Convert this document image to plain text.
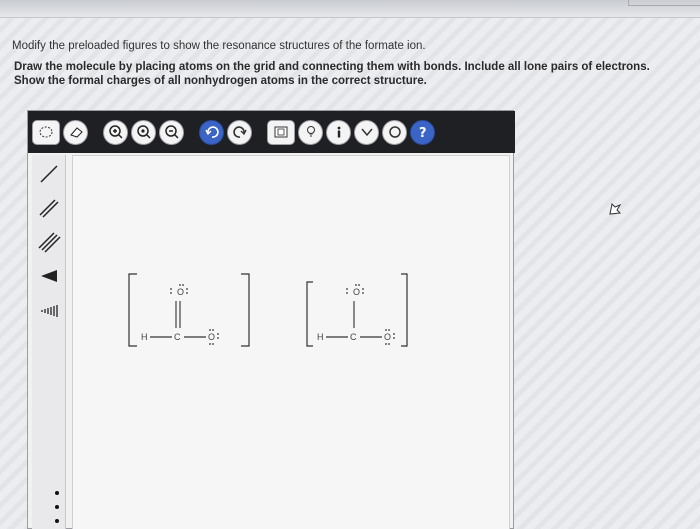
Modify the preloaded figures to show the resonance structures of the formate ion.
Draw the molecule by placing atoms on the grid and connecting them with bonds. Include all lone pairs of electrons.
Show the formal charges of all nonhydrogen atoms in the correct structure.
?
H	C
O
O	H	C
O
O
